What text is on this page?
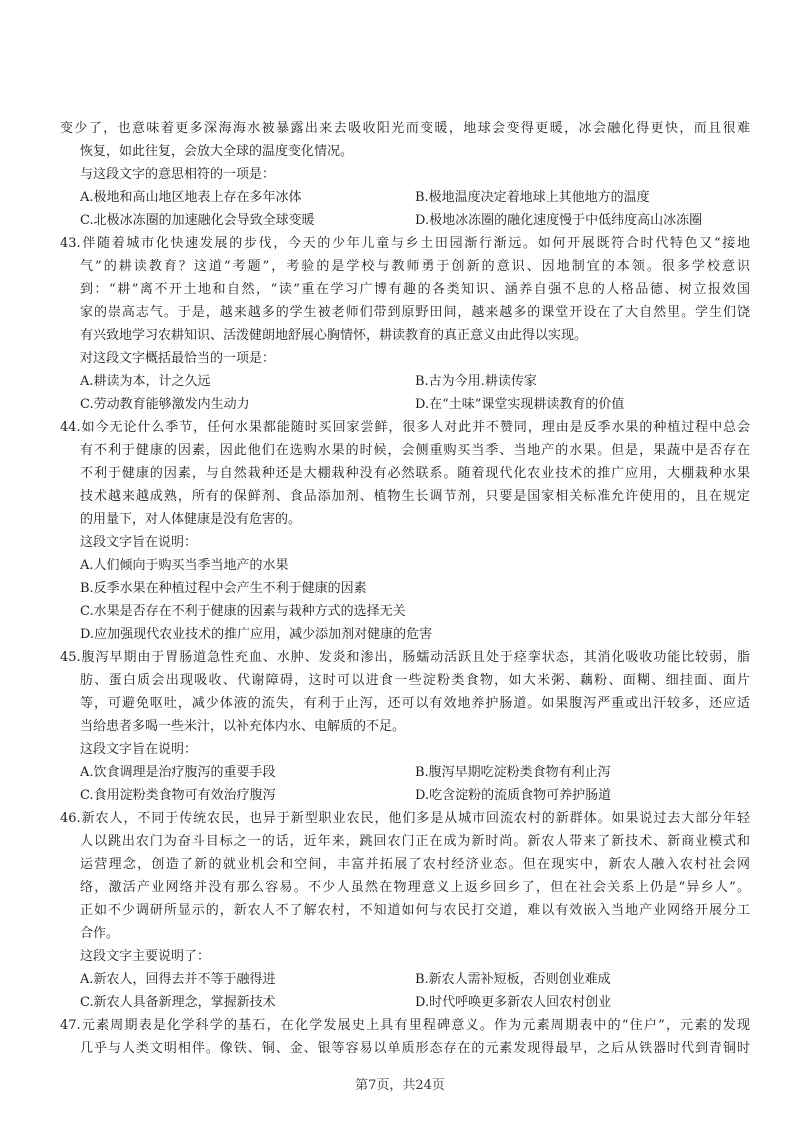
变少了，也意味着更多深海海水被暴露出来去吸收阳光而变暖，地球会变得更暖，冰会融化得更快，而且很难
恢复，如此往复，会放大全球的温度变化情况。
与这段文字的意思相符的一项是：
A.极地和高山地区地表上存在多年冰体	B.极地温度决定着地球上其他地方的温度
C.北极冰冻圈的加速融化会导致全球变暖	D.极地冰冻圈的融化速度慢于中低纬度高山冰冻圈
43.伴随着城市化快速发展的步伐，今天的少年儿童与乡土田园渐行渐远。如何开展既符合时代特色又“接地
气”的耕读教育？这道“考题”，考验的是学校与教师勇于创新的意识、因地制宜的本领。很多学校意识
到：“耕”离不开土地和自然，“读”重在学习广博有趣的各类知识、涵养自强不息的人格品德、树立报效国
家的崇高志气。于是，越来越多的学生被老师们带到原野田间，越来越多的课堂开设在了大自然里。学生们饶
有兴致地学习农耕知识、活泼健朗地舒展心胸情怀，耕读教育的真正意义由此得以实现。
对这段文字概括最恰当的一项是：
A.耕读为本，计之久远	B.古为今用.耕读传家
C.劳动教育能够激发内生动力	D.在“土味”课堂实现耕读教育的价值
44.如今无论什么季节，任何水果都能随时买回家尝鲜，很多人对此并不赞同，理由是反季水果的种植过程中总会
有不利于健康的因素，因此他们在选购水果的时候，会侧重购买当季、当地产的水果。但是，果蔬中是否存在
不利于健康的因素，与自然栽种还是大棚栽种没有必然联系。随着现代化农业技术的推广应用，大棚栽种水果
技术越来越成熟，所有的保鲜剂、食品添加剂、植物生长调节剂，只要是国家相关标准允许使用的，且在规定
的用量下，对人体健康是没有危害的。
这段文字旨在说明：
A.人们倾向于购买当季当地产的水果
B.反季水果在种植过程中会产生不利于健康的因素
C.水果是否存在不利于健康的因素与栽种方式的选择无关
D.应加强现代农业技术的推广应用，减少添加剂对健康的危害
45.腹泻早期由于胃肠道急性充血、水肿、发炎和渗出，肠蠕动活跃且处于痉挛状态，其消化吸收功能比较弱，脂
肪、蛋白质会出现吸收、代谢障碍，这时可以进食一些淀粉类食物，如大米粥、藕粉、面糊、细挂面、面片
等，可避免呕吐，减少体液的流失，有利于止泻，还可以有效地养护肠道。如果腹泻严重或出汗较多，还应适
当给患者多喝一些米汁，以补充体内水、电解质的不足。
这段文字旨在说明：
A.饮食调理是治疗腹泻的重要手段	B.腹泻早期吃淀粉类食物有利止泻
C.食用淀粉类食物可有效治疗腹泻	D.吃含淀粉的流质食物可养护肠道
46.新农人，不同于传统农民，也异于新型职业农民，他们多是从城市回流农村的新群体。如果说过去大部分年轻
人以跳出农门为奋斗目标之一的话，近年来，跳回农门正在成为新时尚。新农人带来了新技术、新商业模式和
运营理念，创造了新的就业机会和空间，丰富并拓展了农村经济业态。但在现实中，新农人融入农村社会网
络，激活产业网络并没有那么容易。不少人虽然在物理意义上返乡回乡了，但在社会关系上仍是“异乡人”。
正如不少调研所显示的，新农人不了解农村，不知道如何与农民打交道，难以有效嵌入当地产业网络开展分工
合作。
这段文字主要说明了：
A.新农人，回得去并不等于融得进	B.新农人需补短板，否则创业难成
C.新农人具备新理念，掌握新技术	D.时代呼唤更多新农人回农村创业
47.元素周期表是化学科学的基石，在化学发展史上具有里程碑意义。作为元素周期表中的“住户”，元素的发现
几乎与人类文明相伴。像铁、铜、金、银等容易以单质形态存在的元素发现得最早，之后从铁器时代到青铜时
第7页，共24页
